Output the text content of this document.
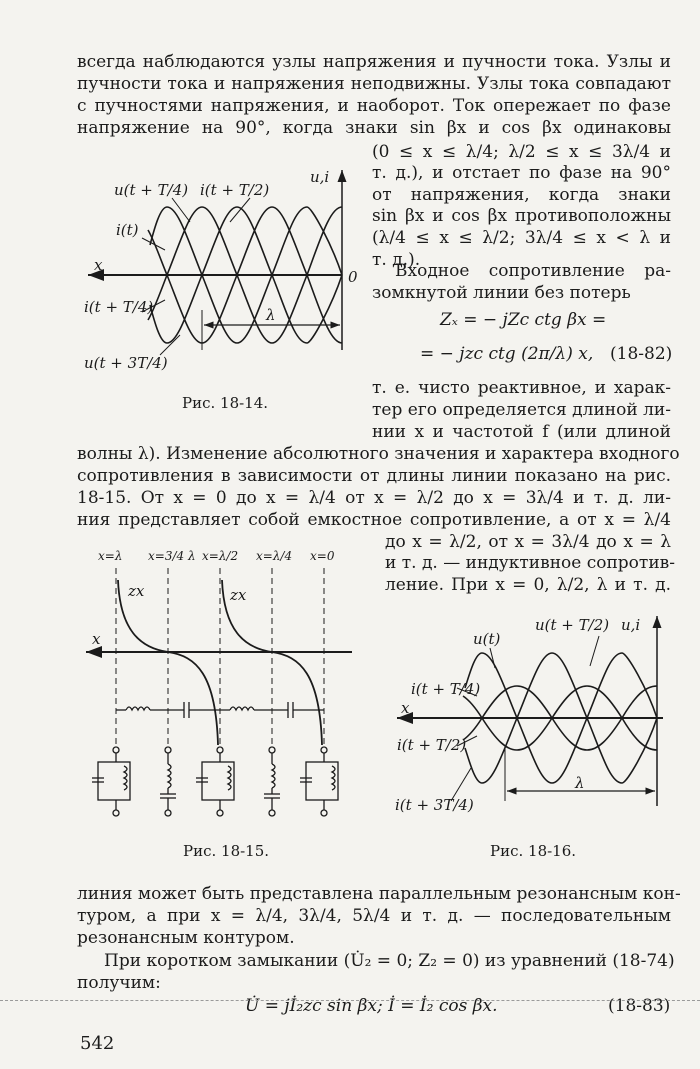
всегда наблюдаются узлы напряжения и пучности тока. Узлы и
пучности тока и напряжения неподвижны. Узлы тока совпадают
с пучностями напряжения, и наоборот. Ток опережает по фазе
напряжение на 90°, когда знаки sin βx и cos βx одинаковы
(0 ≤ x ≤ λ/4; λ/2 ≤ x ≤ 3λ/4 и
т. д.), и отстает по фазе на 90°
от напряжения, когда знаки
sin βx и cos βx противоположны
(λ/4 ≤ x ≤ λ/2; 3λ/4 ≤ x < λ и
т. д.).
Входное сопротивление ра-
зомкнутой линии без потерь
Zₓ = − jZc ctg βx =
= − jzc ctg (2π/λ) x, (18-82)
т. е. чисто реактивное, и харак-
тер его определяется длиной ли-
нии x и частотой f (или длиной
волны λ). Изменение абсолютного значения и характера входного
сопротивления в зависимости от длины линии показано на рис.
18-15. От x = 0 до x = λ/4 от x = λ/2 до x = 3λ/4 и т. д. ли-
ния представляет собой емкостное сопротивление, а от x = λ/4
до x = λ/2, от x = 3λ/4 до x = λ
и т. д. — индуктивное сопротив-
ление. При x = 0, λ/2, λ и т. д.
u(t + T/4) i(t + T/2)
i(t)
u,i
x
0
i(t + T/4)
u(t + 3T/4)
λ
Рис. 18-14.
x=λ x=3/4 λ x=λ/2 x=λ/4 x=0
x
zx	zx
Рис. 18-15.
λ
u(t)
u(t + T/2) u,i
x
i(t + T/4)
i(t + T/2)
i(t + 3T/4)
Рис. 18-16.
линия может быть представлена параллельным резонансным кон-
туром, а при x = λ/4, 3λ/4, 5λ/4 и т. д. — последовательным
резонансным контуром.
При коротком замыкании (U̇₂ = 0; Z₂ = 0) из уравнений (18-74)
получим:
U̇ = jİ₂zc sin βx; İ = İ₂ cos βx.	(18-83)
542
